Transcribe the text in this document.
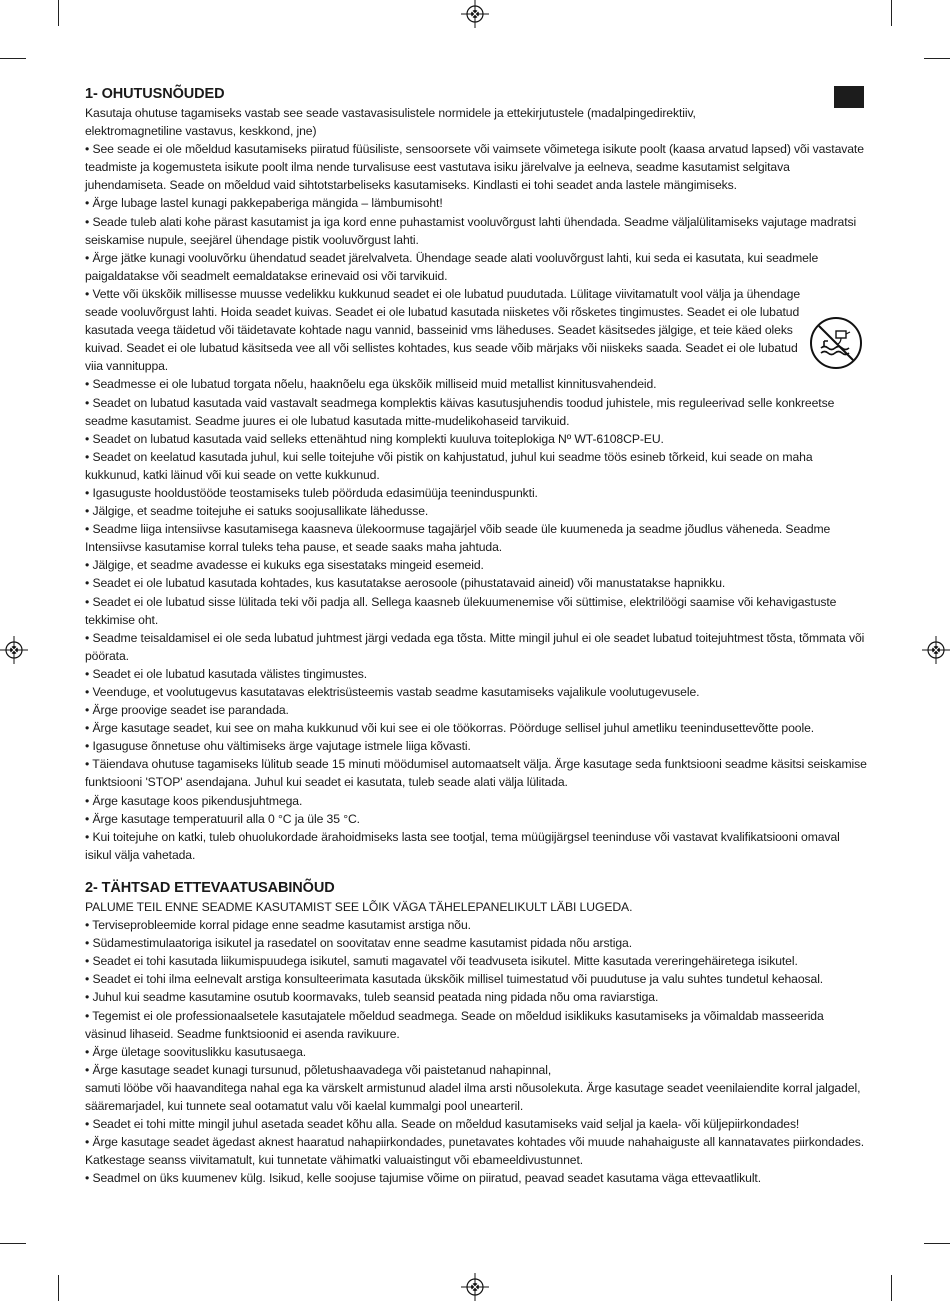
1- OHUTUSNÕUDED

Kasutaja ohutuse tagamiseks vastab see seade vastavasisulistele normidele ja ettekirjutustele (madalpingedirektiiv, elektromagnetiline vastavus, keskkond, jne)

• See seade ei ole mõeldud kasutamiseks piiratud füüsiliste, sensoorsete või vaimsete võimetega isikute poolt (kaasa arvatud lapsed) või vastavate teadmiste ja kogemusteta isikute poolt ilma nende turvalisuse eest vastutava isiku järelvalve ja eelneva, seadme kasutamist selgitava juhendamiseta. Seade on mõeldud vaid sihtotstarbeliseks kasutamiseks. Kindlasti ei tohi seadet anda lastele mängimiseks.

• Ärge lubage lastel kunagi pakkepaberiga mängida – lämbumisoht!

• Seade tuleb alati kohe pärast kasutamist ja iga kord enne puhastamist vooluvõrgust lahti ühendada. Seadme väljalülitamiseks vajutage madratsi seiskamise nupule, seejärel ühendage pistik vooluvõrgust lahti.

• Ärge jätke kunagi vooluvõrku ühendatud seadet järelvalveta. Ühendage seade alati vooluvõrgust lahti, kui seda ei kasutata, kui seadmele paigaldatakse või seadmelt eemaldatakse erinevaid osi või tarvikuid.

• Vette või ükskõik millisesse muusse vedelikku kukkunud seadet ei ole lubatud puudutada. Lülitage viivitamatult vool välja ja ühendage seade vooluvõrgust lahti. Hoida seadet kuivas. Seadet ei ole lubatud kasutada niisketes või rõsketes tingimustes. Seadet ei ole lubatud kasutada veega täidetud või täidetavate kohtade nagu vannid, basseinid vms läheduses. Seadet käsitsedes jälgige, et teie käed oleks kuivad. Seadet ei ole lubatud käsitseda vee all või sellistes kohtades, kus seade võib märjaks või niiskeks saada. Seadet ei ole lubatud viia vannituppa.

• Seadmesse ei ole lubatud torgata nõelu, haaknõelu ega ükskõik milliseid muid metallist kinnitusvahendeid.

• Seadet on lubatud kasutada vaid vastavalt seadmega komplektis käivas kasutusjuhendis toodud juhistele, mis reguleerivad selle konkreetse seadme kasutamist. Seadme juures ei ole lubatud kasutada mitte-mudelikohaseid tarvikuid.

• Seadet on lubatud kasutada vaid selleks ettenähtud ning komplekti kuuluva toiteplokiga Nº WT-6108CP-EU.

• Seadet on keelatud kasutada juhul, kui selle toitejuhe või pistik on kahjustatud, juhul kui seadme töös esineb tõrkeid, kui seade on maha kukkunud, katki läinud või kui seade on vette kukkunud.

• Igasuguste hooldustööde teostamiseks tuleb pöörduda edasimüüja teeninduspunkti.

• Jälgige, et seadme toitejuhe ei satuks soojusallikate lähedusse.

• Seadme liiga intensiivse kasutamisega kaasneva ülekoormuse tagajärjel võib seade üle kuumeneda ja seadme jõudlus väheneda. Seadme Intensiivse kasutamise korral tuleks teha pause, et seade saaks maha jahtuda.

• Jälgige, et seadme avadesse ei kukuks ega sisestataks mingeid esemeid.

• Seadet ei ole lubatud kasutada kohtades, kus kasutatakse aerosoole (pihustatavaid aineid) või manustatakse hapnikku.

• Seadet ei ole lubatud sisse lülitada teki või padja all. Sellega kaasneb ülekuumenemise või süttimise, elektrilöögi saamise või kehavigastuste tekkimise oht.

• Seadme teisaldamisel ei ole seda lubatud juhtmest järgi vedada ega tõsta. Mitte mingil juhul ei ole seadet lubatud toitejuhtmest tõsta, tõmmata või pöörata.

• Seadet ei ole lubatud kasutada välistes tingimustes.

• Veenduge, et voolutugevus kasutatavas elektrisüsteemis vastab seadme kasutamiseks vajalikule voolutugevusele.

• Ärge proovige seadet ise parandada.

• Ärge kasutage seadet, kui see on maha kukkunud või kui see ei ole töökorras. Pöörduge sellisel juhul ametliku teenindusettevõtte poole.

• Igasuguse õnnetuse ohu vältimiseks ärge vajutage istmele liiga kõvasti.

• Täiendava ohutuse tagamiseks lülitub seade 15 minuti möödumisel automaatselt välja. Ärge kasutage seda funktsiooni seadme käsitsi seiskamise funktsiooni 'STOP' asendajana. Juhul kui seadet ei kasutata, tuleb seade alati välja lülitada.

• Ärge kasutage koos pikendusjuhtmega.

• Ärge kasutage temperatuuril alla 0 °C ja üle 35 °C.

• Kui toitejuhe on katki, tuleb ohuolukordade ärahoidmiseks lasta see tootjal, tema müügijärgsel teeninduse või vastavat kvalifikatsiooni omaval isikul välja vahetada.

2- TÄHTSAD ETTEVAATUSABINÕUD

PALUME TEIL ENNE SEADME KASUTAMIST SEE LÕIK VÄGA TÄHELEPANELIKULT LÄBI LUGEDA.

• Terviseprobleemide korral pidage enne seadme kasutamist arstiga nõu.

• Südamestimulaatoriga isikutel ja rasedatel on soovitatav enne seadme kasutamist pidada nõu arstiga.

• Seadet ei tohi kasutada liikumispuudega isikutel, samuti magavatel või teadvuseta isikutel. Mitte kasutada vereringehäiretega isikutel.

• Seadet ei tohi ilma eelnevalt arstiga konsulteerimata kasutada ükskõik millisel tuimestatud või puudutuse ja valu suhtes tundetul kehaosal.

• Juhul kui seadme kasutamine osutub koormavaks, tuleb seansid peatada ning pidada nõu oma raviarstiga.

• Tegemist ei ole professionaalsetele kasutajatele mõeldud seadmega. Seade on mõeldud isiklikuks kasutamiseks ja võimaldab masseerida väsinud lihaseid. Seadme funktsioonid ei asenda ravikuure.

• Ärge ületage soovituslikku kasutusaega.

• Ärge kasutage seadet kunagi tursunud, põletushaavadega või paistetanud nahapinnal,

samuti lööbe või haavanditega nahal ega ka värskelt armistunud aladel ilma arsti nõusolekuta. Ärge kasutage seadet veenilaiendite korral jalgadel, sääremarjadel, kui tunnete seal ootamatut valu või kaelal kummalgi pool unearteril.

• Seadet ei tohi mitte mingil juhul asetada seadet kõhu alla. Seade on mõeldud kasutamiseks vaid seljal ja kaela- või küljepiirkondades!

• Ärge kasutage seadet ägedast aknest haaratud nahapiirkondades, punetavates kohtades või muude nahahaiguste all kannatavates piirkondades. Katkestage seanss viivitamatult, kui tunnetate vähimatki valuaistingut või ebameeldivustunnet.

• Seadmel on üks kuumenev külg. Isikud, kelle soojuse tajumise võime on piiratud, peavad seadet kasutama väga ettevaatlikult.
